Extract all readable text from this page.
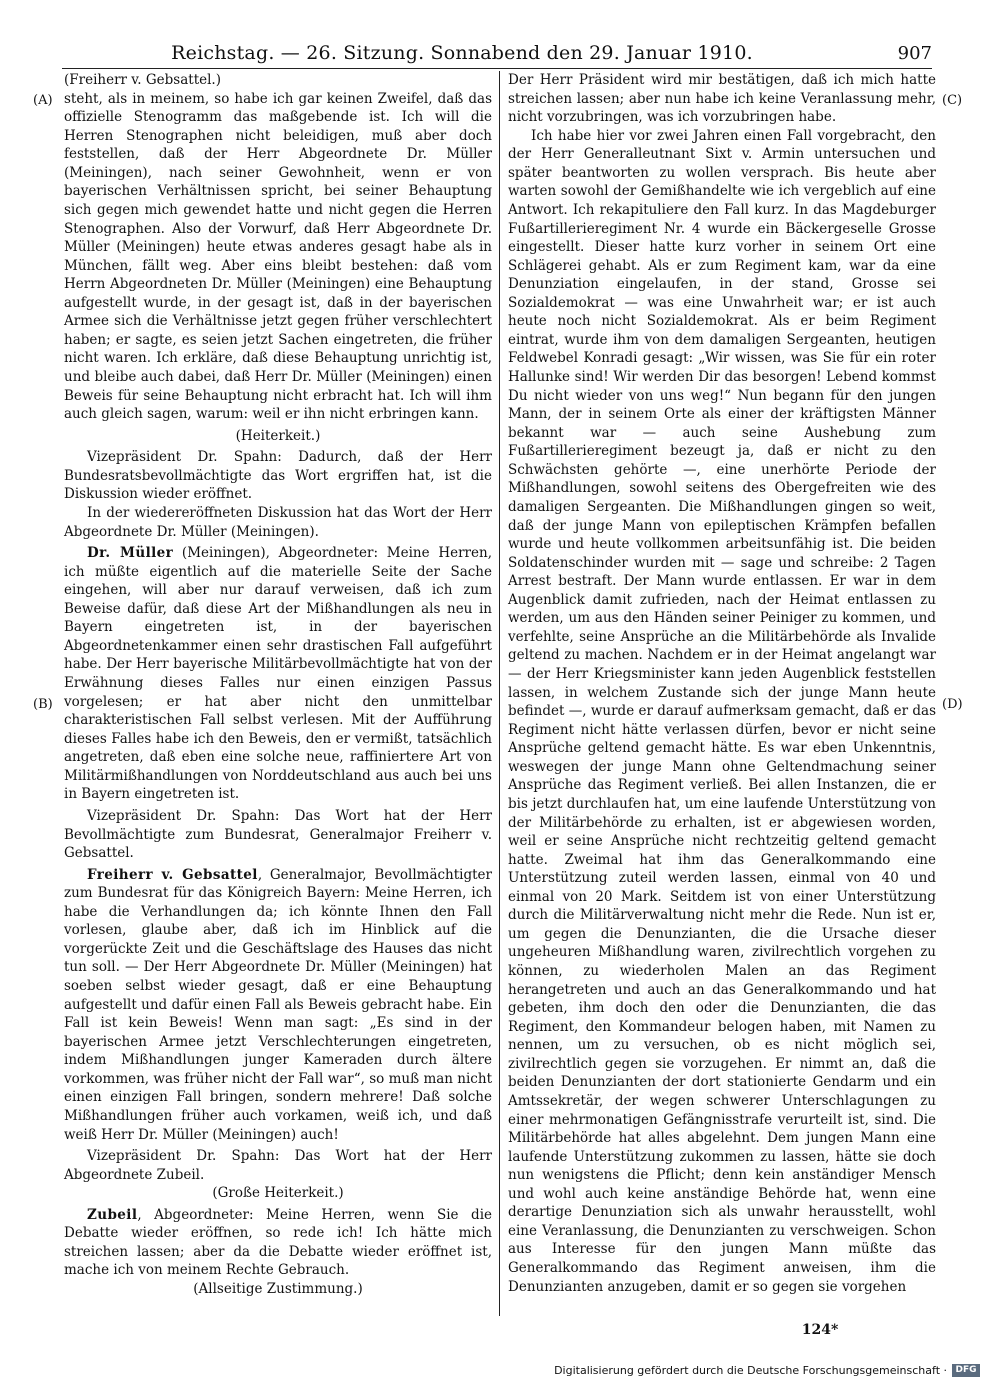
Reichstag. — 26. Sitzung. Sonnabend den 29. Januar 1910.	907
(A)
(B)
(C)
(D)

(Freiherr v. Gebsattel.)

steht, als in meinem, so habe ich gar keinen Zweifel, daß das offizielle Stenogramm das maßgebende ist. Ich will die Herren Stenographen nicht beleidigen, muß aber doch feststellen, daß der Herr Abgeordnete Dr. Müller (Meiningen), nach seiner Gewohnheit, wenn er von bayerischen Verhältnissen spricht, bei seiner Behauptung sich gegen mich gewendet hatte und nicht gegen die Herren Stenographen. Also der Vorwurf, daß Herr Abgeordnete Dr. Müller (Meiningen) heute etwas anderes gesagt habe als in München, fällt weg. Aber eins bleibt bestehen: daß vom Herrn Abgeordneten Dr. Müller (Meiningen) eine Behauptung aufgestellt wurde, in der gesagt ist, daß in der bayerischen Armee sich die Verhältnisse jetzt gegen früher verschlechtert haben; er sagte, es seien jetzt Sachen eingetreten, die früher nicht waren. Ich erkläre, daß diese Behauptung unrichtig ist, und bleibe auch dabei, daß Herr Dr. Müller (Meiningen) einen Beweis für seine Behauptung nicht erbracht hat. Ich will ihm auch gleich sagen, warum: weil er ihn nicht erbringen kann.

(Heiterkeit.)

Vizepräsident Dr. Spahn: Dadurch, daß der Herr Bundesratsbevollmächtigte das Wort ergriffen hat, ist die Diskussion wieder eröffnet.

In der wiedereröffneten Diskussion hat das Wort der Herr Abgeordnete Dr. Müller (Meiningen).

Dr. Müller (Meiningen), Abgeordneter: Meine Herren, ich müßte eigentlich auf die materielle Seite der Sache eingehen, will aber nur darauf verweisen, daß ich zum Beweise dafür, daß diese Art der Mißhandlungen als neu in Bayern eingetreten ist, in der bayerischen Abgeordnetenkammer einen sehr drastischen Fall aufgeführt habe. Der Herr bayerische Militärbevollmächtigte hat von der Erwähnung dieses Falles nur einen einzigen Passus vorgelesen; er hat aber nicht den unmittelbar charakteristischen Fall selbst verlesen. Mit der Aufführung dieses Falles habe ich den Beweis, den er vermißt, tatsächlich angetreten, daß eben eine solche neue, raffiniertere Art von Militärmißhandlungen von Norddeutschland aus auch bei uns in Bayern eingetreten ist.

Vizepräsident Dr. Spahn: Das Wort hat der Herr Bevollmächtigte zum Bundesrat, Generalmajor Freiherr v. Gebsattel.

Freiherr v. Gebsattel, Generalmajor, Bevollmächtigter zum Bundesrat für das Königreich Bayern: Meine Herren, ich habe die Verhandlungen da; ich könnte Ihnen den Fall vorlesen, glaube aber, daß ich im Hinblick auf die vorgerückte Zeit und die Geschäftslage des Hauses das nicht tun soll. — Der Herr Abgeordnete Dr. Müller (Meiningen) hat soeben selbst wieder gesagt, daß er eine Behauptung aufgestellt und dafür einen Fall als Beweis gebracht habe. Ein Fall ist kein Beweis! Wenn man sagt: „Es sind in der bayerischen Armee jetzt Verschlechterungen eingetreten, indem Mißhandlungen junger Kameraden durch ältere vorkommen, was früher nicht der Fall war“, so muß man nicht einen einzigen Fall bringen, sondern mehrere! Daß solche Mißhandlungen früher auch vorkamen, weiß ich, und daß weiß Herr Dr. Müller (Meiningen) auch!

Vizepräsident Dr. Spahn: Das Wort hat der Herr Abgeordnete Zubeil.

(Große Heiterkeit.)

Zubeil, Abgeordneter: Meine Herren, wenn Sie die Debatte wieder eröffnen, so rede ich! Ich hätte mich streichen lassen; aber da die Debatte wieder eröffnet ist, mache ich von meinem Rechte Gebrauch.

(Allseitige Zustimmung.)

Der Herr Präsident wird mir bestätigen, daß ich mich hatte streichen lassen; aber nun habe ich keine Veranlassung mehr, nicht vorzubringen, was ich vorzubringen habe.

Ich habe hier vor zwei Jahren einen Fall vorgebracht, den der Herr Generalleutnant Sixt v. Armin untersuchen und später beantworten zu wollen versprach. Bis heute aber warten sowohl der Gemißhandelte wie ich vergeblich auf eine Antwort. Ich rekapituliere den Fall kurz. In das Magdeburger Fußartillerieregiment Nr. 4 wurde ein Bäckergeselle Grosse eingestellt. Dieser hatte kurz vorher in seinem Ort eine Schlägerei gehabt. Als er zum Regiment kam, war da eine Denunziation eingelaufen, in der stand, Grosse sei Sozialdemokrat — was eine Unwahrheit war; er ist auch heute noch nicht Sozialdemokrat. Als er beim Regiment eintrat, wurde ihm von dem damaligen Sergeanten, heutigen Feldwebel Konradi gesagt: „Wir wissen, was Sie für ein roter Hallunke sind! Wir werden Dir das besorgen! Lebend kommst Du nicht wieder von uns weg!“ Nun begann für den jungen Mann, der in seinem Orte als einer der kräftigsten Männer bekannt war — auch seine Aushebung zum Fußartillerieregiment bezeugt ja, daß er nicht zu den Schwächsten gehörte —, eine unerhörte Periode der Mißhandlungen, sowohl seitens des Obergefreiten wie des damaligen Sergeanten. Die Mißhandlungen gingen so weit, daß der junge Mann von epileptischen Krämpfen befallen wurde und heute vollkommen arbeitsunfähig ist. Die beiden Soldatenschinder wurden mit — sage und schreibe: 2 Tagen Arrest bestraft. Der Mann wurde entlassen. Er war in dem Augenblick damit zufrieden, nach der Heimat entlassen zu werden, um aus den Händen seiner Peiniger zu kommen, und verfehlte, seine Ansprüche an die Militärbehörde als Invalide geltend zu machen. Nachdem er in der Heimat angelangt war — der Herr Kriegsminister kann jeden Augenblick feststellen lassen, in welchem Zustande sich der junge Mann heute befindet —, wurde er darauf aufmerksam gemacht, daß er das Regiment nicht hätte verlassen dürfen, bevor er nicht seine Ansprüche geltend gemacht hätte. Es war eben Unkenntnis, weswegen der junge Mann ohne Geltendmachung seiner Ansprüche das Regiment verließ. Bei allen Instanzen, die er bis jetzt durchlaufen hat, um eine laufende Unterstützung von der Militärbehörde zu erhalten, ist er abgewiesen worden, weil er seine Ansprüche nicht rechtzeitig geltend gemacht hatte. Zweimal hat ihm das Generalkommando eine Unterstützung zuteil werden lassen, einmal von 40 und einmal von 20 Mark. Seitdem ist von einer Unterstützung durch die Militärverwaltung nicht mehr die Rede. Nun ist er, um gegen die Denunzianten, die die Ursache dieser ungeheuren Mißhandlung waren, zivilrechtlich vorgehen zu können, zu wiederholen Malen an das Regiment herangetreten und auch an das Generalkommando und hat gebeten, ihm doch den oder die Denunzianten, die das Regiment, den Kommandeur belogen haben, mit Namen zu nennen, um zu versuchen, ob es nicht möglich sei, zivilrechtlich gegen sie vorzugehen. Er nimmt an, daß die beiden Denunzianten der dort stationierte Gendarm und ein Amtssekretär, der wegen schwerer Unterschlagungen zu einer mehrmonatigen Gefängnisstrafe verurteilt ist, sind. Die Militärbehörde hat alles abgelehnt. Dem jungen Mann eine laufende Unterstützung zukommen zu lassen, hätte sie doch nun wenigstens die Pflicht; denn kein anständiger Mensch und wohl auch keine anständige Behörde hat, wenn eine derartige Denunziation sich als unwahr herausstellt, wohl eine Veranlassung, die Denunzianten zu verschweigen. Schon aus Interesse für den jungen Mann müßte das Generalkommando das Regiment anweisen, ihm die Denunzianten anzugeben, damit er so gegen sie vorgehen

124*
Digitalisierung gefördert durch die Deutsche Forschungsgemeinschaft · DFG
